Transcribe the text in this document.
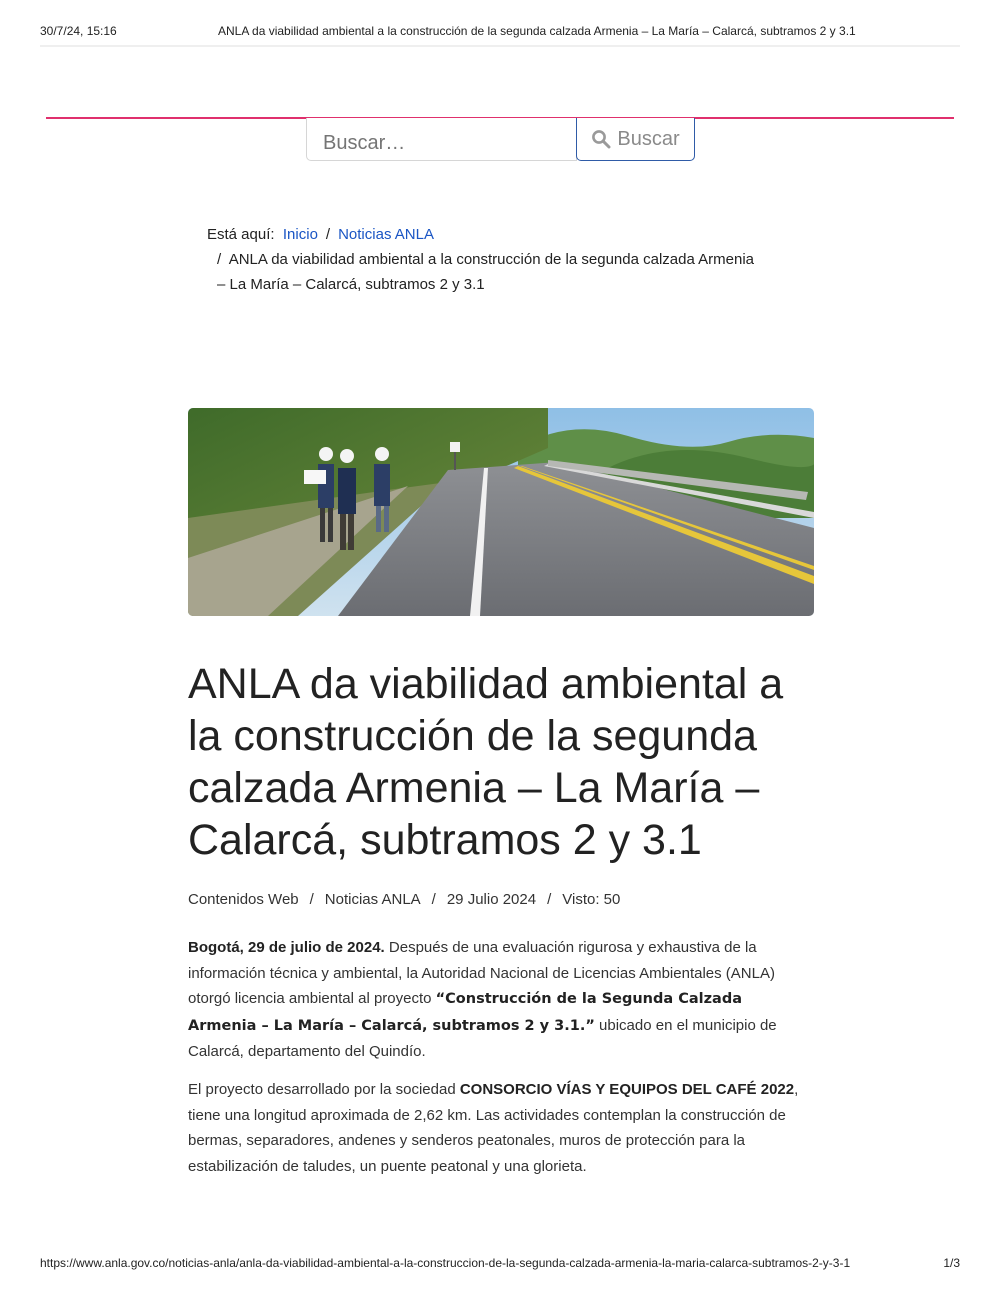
30/7/24, 15:16	ANLA da viabilidad ambiental a la construcción de la segunda calzada Armenia – La María – Calarcá, subtramos 2 y 3.1
Buscar…
Buscar
Está aquí: Inicio / Noticias ANLA
/ ANLA da viabilidad ambiental a la construcción de la segunda calzada Armenia
– La María – Calarcá, subtramos 2 y 3.1
ANLA da viabilidad ambiental a la construcción de la segunda calzada Armenia – La María – Calarcá, subtramos 2 y 3.1
Contenidos Web / Noticias ANLA / 29 Julio 2024 / Visto: 50

Bogotá, 29 de julio de 2024. Después de una evaluación rigurosa y exhaustiva de la información técnica y ambiental, la Autoridad Nacional de Licencias Ambientales (ANLA) otorgó licencia ambiental al proyecto “Construcción de la Segunda Calzada Armenia – La María – Calarcá, subtramos 2 y 3.1.” ubicado en el municipio de Calarcá, departamento del Quindío.

El proyecto desarrollado por la sociedad CONSORCIO VÍAS Y EQUIPOS DEL CAFÉ 2022, tiene una longitud aproximada de 2,62 km. Las actividades contemplan la construcción de bermas, separadores, andenes y senderos peatonales, muros de protección para la estabilización de taludes, un puente peatonal y una glorieta.

https://www.anla.gov.co/noticias-anla/anla-da-viabilidad-ambiental-a-la-construccion-de-la-segunda-calzada-armenia-la-maria-calarca-subtramos-2-y-3-1	1/3
